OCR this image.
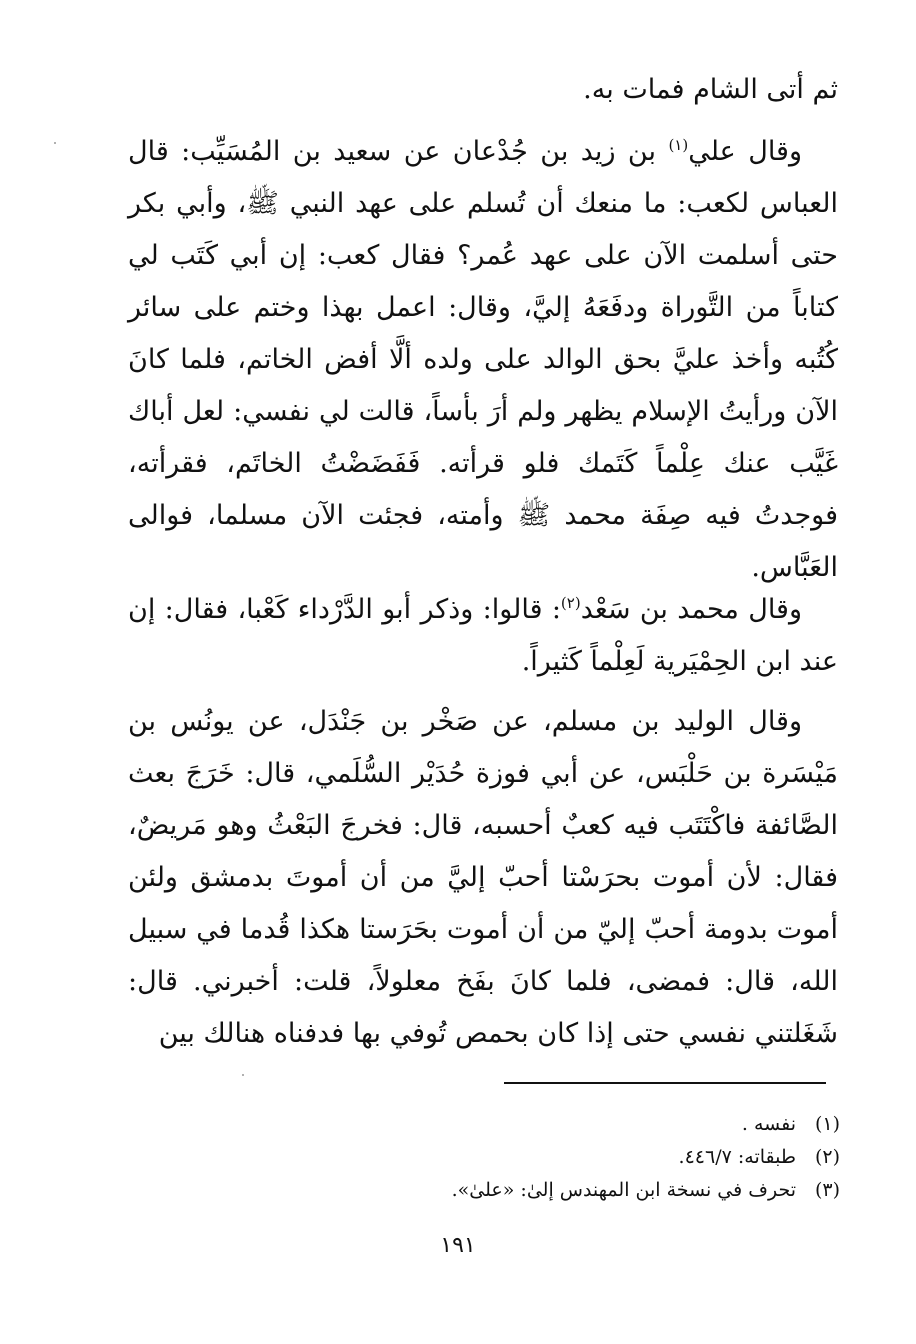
ثم أتى الشام فمات به.

وقال علي$^{(١)}$ بن زيد بن جُدْعان عن سعيد بن المُسَيِّب: قال العباس لكعب: ما منعك أن تُسلم على عهد النبي ﷺ، وأبي بكر حتى أسلمت الآن على عهد عُمر؟ فقال كعب: إن أبي كَتَب لي كتاباً من التَّوراة ودفَعَهُ إليَّ، وقال: اعمل بهذا وختم على سائر كُتُبه وأخذ عليَّ بحق الوالد على ولده ألَّا أفض الخاتم، فلما كانَ الآن ورأيتُ الإسلام يظهر ولم أرَ بأساً، قالت لي نفسي: لعل أباك غَيَّب عنك عِلْماً كَتَمك فلو قرأته. فَفَضَضْتُ الخاتَم، فقرأته، فوجدتُ فيه صِفَة محمد ﷺ وأمته، فجئت الآن مسلما، فوالى العَبَّاس.

وقال محمد بن سَعْد$^{(٢)}$: قالوا: وذكر أبو الدَّرْداء كَعْبا، فقال: إن عند ابن الحِمْيَرية لَعِلْماً كَثيراً.

وقال الوليد بن مسلم، عن صَخْر بن جَنْدَل، عن يونُس بن مَيْسَرة بن حَلْبَس، عن أبي فوزة حُدَيْر السُّلَمي، قال: خَرَجَ بعث الصَّائفة فاكْتَتَب فيه كعبٌ أحسبه، قال: فخرجَ البَعْثُ وهو مَريضٌ، فقال: لأن أموت بحرَسْتا أحبّ إليَّ من أن أموتَ بدمشق ولئن أموت بدومة أحبّ إليّ من أن أموت بحَرَستا هكذا قُدما في سبيل الله، قال: فمضى، فلما كانَ بفَخ معلولاً، قلت: أخبرني. قال: شَغَلتني نفسي حتى إذا كان بحمص تُوفي بها فدفناه هنالك بين

(١)نفسه .

(٢)طبقاته: ٤٤٦/٧.

(٣)تحرف في نسخة ابن المهندس إلىٰ: «علىٰ».

١٩١
